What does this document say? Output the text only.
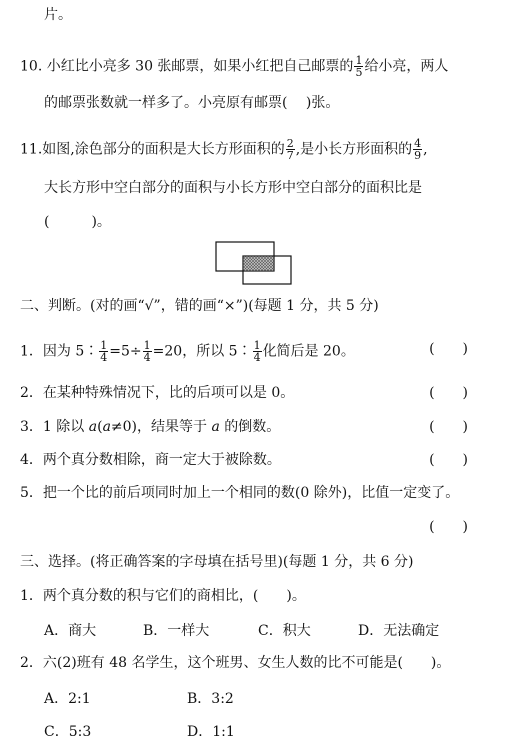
片。
10. 小红比小亮多 30 张邮票，如果小红把自己邮票的 $\frac{1}{5}$ 给小亮，两人
的邮票张数就一样多了。小亮原有邮票(　 )张。
11.如图,涂色部分的面积是大长方形面积的 $\frac{2}{7}$ ,是小长方形面积的 $\frac{4}{9}$ ,
大长方形中空白部分的面积与小长方形中空白部分的面积比是
(　　　)。
二、判断。(对的画“√”，错的画“×”)(每题 1 分，共 5 分)
1．因为 5∶ $\frac{1}{4} =5\div \frac{1}{4} =20$，所以 5∶ $\frac{1}{4}$ 化简后是 20。	(　　)
2．在某种特殊情况下，比的后项可以是 0。	(　　)
3．1 除以 a(a≠0)，结果等于 a 的倒数。	(　　)
4．两个真分数相除，商一定大于被除数。	(　　)
5．把一个比的前后项同时加上一个相同的数(0 除外)，比值一定变了。
(　　)
三、选择。(将正确答案的字母填在括号里)(每题 1 分，共 6 分)
1．两个真分数的积与它们的商相比，(　　)。
A．商大	B．一样大	C．积大	D．无法确定
2．六(2)班有 48 名学生，这个班男、女生人数的比不可能是(　　)。
A．2:1	B．3:2
C．5:3	D．1:1
